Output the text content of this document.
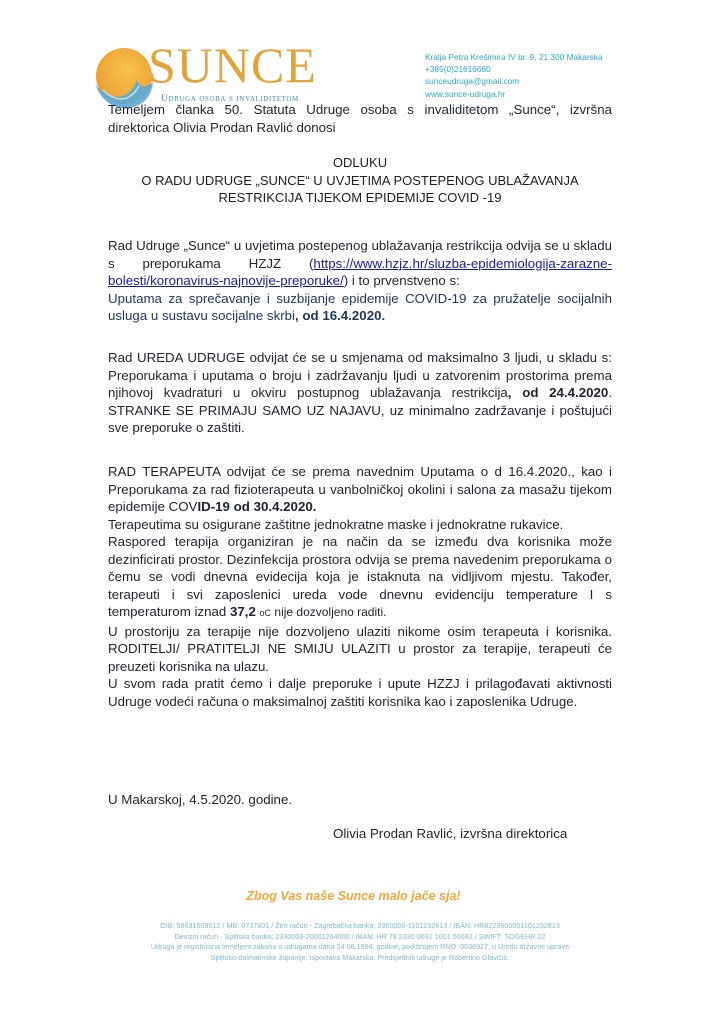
SUNCE
Udruga osoba s invaliditetom
Kralja Petra Krešimira IV br. 9, 21 300 Makarska
+385(0)21616660
sunceudruga@gmail.com
www.sunce-udruga.hr
Temeljem članka 50. Statuta Udruge osoba s invaliditetom „Sunce“, izvršna direktorica Olivia Prodan Ravlić donosi
ODLUKU
O RADU UDRUGE „SUNCE“ U UVJETIMA POSTEPENOG UBLAŽAVANJA
RESTRIKCIJA TIJEKOM EPIDEMIJE COVID -19
Rad Udruge „Sunce“ u uvjetima postepenog ublažavanja restrikcija odvija se u skladu s preporukama HZJZ (https://www.hzjz.hr/sluzba-epidemiologija-zarazne-bolesti/koronavirus-najnovije-preporuke/) i to prvenstveno s:
Uputama za sprečavanje i suzbijanje epidemije COVID-19 za pružatelje socijalnih usluga u sustavu socijalne skrbi, od 16.4.2020.
Rad UREDA UDRUGE odvijat će se u smjenama od maksimalno 3 ljudi, u skladu s: Preporukama i uputama o broju i zadržavanju ljudi u zatvorenim prostorima prema njihovoj kvadraturi u okviru postupnog ublažavanja restrikcija, od 24.4.2020. STRANKE SE PRIMAJU SAMO UZ NAJAVU, uz minimalno zadržavanje i poštujući sve preporuke o zaštiti.
RAD TERAPEUTA odvijat će se prema navednim Uputama o d 16.4.2020., kao i Preporukama za rad fizioterapeuta u vanbolničkoj okolini i salona za masažu tijekom epidemije COVID-19 od 30.4.2020.
Terapeutima su osigurane zaštitne jednokratne maske i jednokratne rukavice.
Raspored terapija organiziran je na način da se između dva korisnika može dezinficirati prostor. Dezinfekcija prostora odvija se prema navedenim preporukama o čemu se vodi dnevna evidecija koja je istaknuta na vidljivom mjestu. Također, terapeuti i svi zaposlenici ureda vode dnevnu evidenciju temperature I s temperaturom iznad 37,2 oC nije dozvoljeno raditi.
U prostoriju za terapije nije dozvoljeno ulaziti nikome osim terapeuta i korisnika. RODITELJI/ PRATITELJI NE SMIJU ULAZITI u prostor za terapije, terapeuti će preuzeti korisnika na ulazu.
U svom rada pratit ćemo i dalje preporuke i upute HZZJ i prilagođavati aktivnosti Udruge vodeći računa o maksimalnoj zaštiti korisnika kao i zaposlenika Udruge.
U Makarskoj, 4.5.2020. godine.
Olivia Prodan Ravlić, izvršna direktorica
Zbog Vas naše Sunce malo jače sja!
OIB: 58631509512 / MB: 0737801 / Žiro račun - Zagrebačka banka: 2360000-1101232813 / IBAN: HR8223600001101232813
Devizni račun - Splitska banka: 2330003-20001264000 / IBAN: HR 78 2330 0031 1001 56682 / SWIFT: SOGEHR 22
Udruga je registrirana temeljem zakona o udrugama dana 24.06.1994. godine, pod brojem RNO: 0036927, u Uredu državne uprave
Splitsko-dalmatinske županije, Ispostava Makarska. Predsjednik udruge je Robertino Glavičić.
